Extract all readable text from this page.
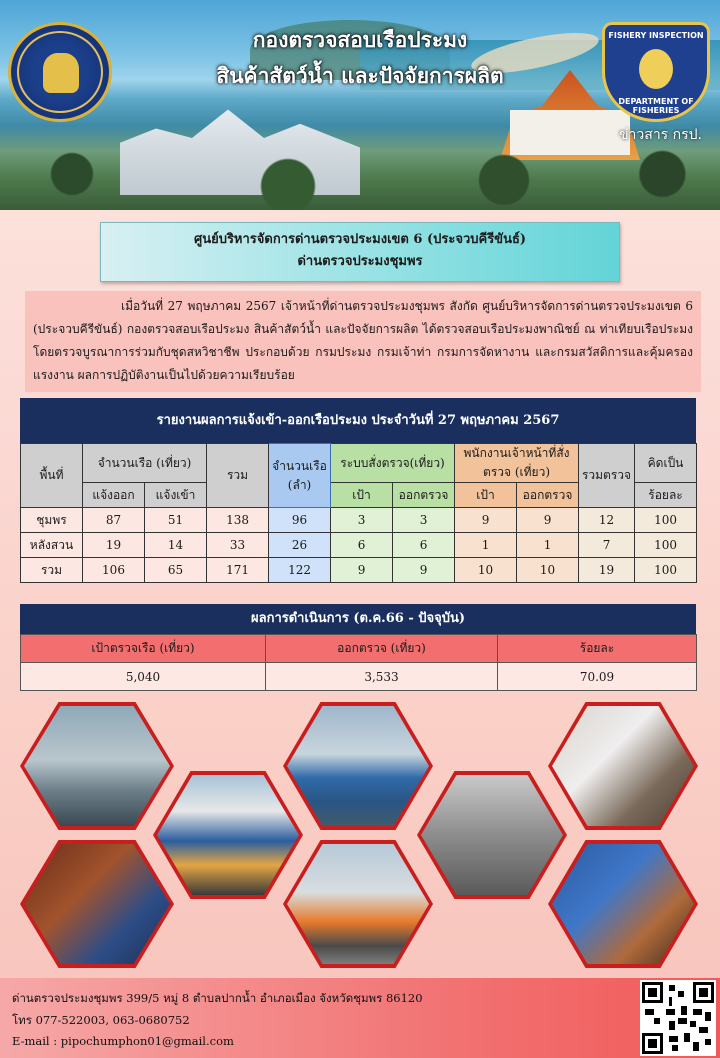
FISHERY INSPECTION
DEPARTMENT OF FISHERIES
กองตรวจสอบเรือประมง
สินค้าสัตว์น้ำ และปัจจัยการผลิต
ข่าวสาร กรป.
ศูนย์บริหารจัดการด่านตรวจประมงเขต 6 (ประจวบคีรีขันธ์)
ด่านตรวจประมงชุมพร

เมื่อวันที่ 27 พฤษภาคม 2567 เจ้าหน้าที่ด่านตรวจประมงชุมพร สังกัด ศูนย์บริหารจัดการด่านตรวจประมงเขต 6 (ประจวบคีรีขันธ์) กองตรวจสอบเรือประมง สินค้าสัตว์น้ำ และปัจจัยการผลิต ได้ตรวจสอบเรือประมงพาณิชย์ ณ ท่าเทียบเรือประมง โดยตรวจบูรณาการร่วมกับชุดสหวิชาชีพ ประกอบด้วย กรมประมง กรมเจ้าท่า กรมการจัดหางาน และกรมสวัสดิการและคุ้มครองแรงงาน ผลการปฏิบัติงานเป็นไปด้วยความเรียบร้อย

รายงานผลการแจ้งเข้า-ออกเรือประมง ประจำวันที่ 27 พฤษภาคม 2567
พื้นที่	จำนวนเรือ (เที่ยว)		รวม	จำนวนเรือ (ลำ)	ระบบสั่งตรวจ(เที่ยว)		พนักงานเจ้าหน้าที่สั่งตรวจ (เที่ยว)		รวมตรวจ	คิดเป็น
	แจ้งออก	แจ้งเข้า			เป้า	ออกตรวจ	เป้า	ออกตรวจ		ร้อยละ
ชุมพร	87	51	138	96	3	3	9	9	12	100
หลังสวน	19	14	33	26	6	6	1	1	7	100
รวม	106	65	171	122	9	9	10	10	19	100
ผลการดำเนินการ (ต.ค.66 - ปัจจุบัน)
เป้าตรวจเรือ (เที่ยว)	ออกตรวจ (เที่ยว)	ร้อยละ
5,040	3,533	70.09
ด่านตรวจประมงชุมพร 399/5 หมู่ 8 ตำบลปากน้ำ อำเภอเมือง จังหวัดชุมพร 86120
โทร 077-522003, 063-0680752
E-mail : pipochumphon01@gmail.com
